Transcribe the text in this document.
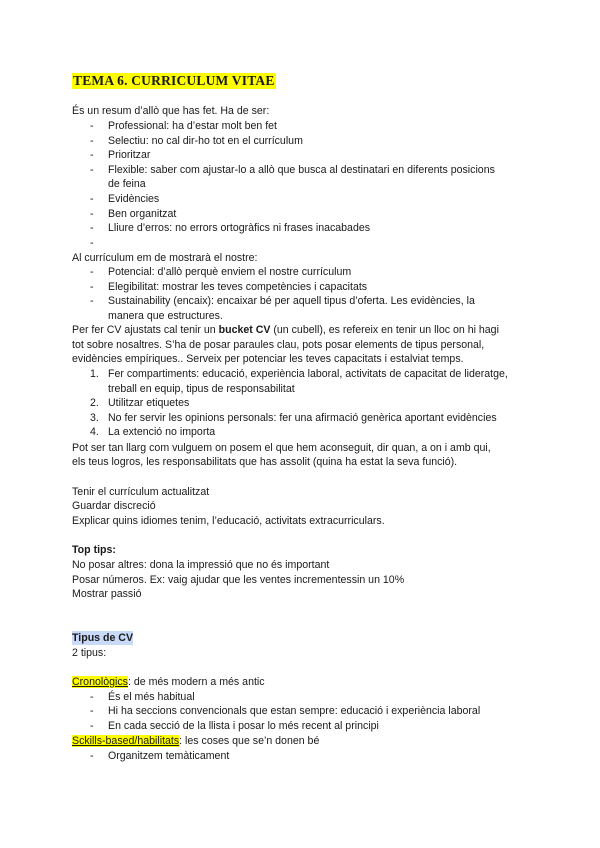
TEMA 6. CURRICULUM VITAE
És un resum d’allò que has fet. Ha de ser:
- Professional: ha d’estar molt ben fet
- Selectiu: no cal dir-ho tot en el currículum
- Prioritzar
- Flexible: saber com ajustar-lo a allò que busca al destinatari en diferents posicions
de feina
- Evidències
- Ben organitzat
- Lliure d’erros: no errors ortogràfics ni frases inacabades
-
Al currículum em de mostrarà el nostre:
- Potencial: d’allò perquè enviem el nostre currículum
- Elegibilitat: mostrar les teves competències i capacitats
- Sustainability (encaix): encaixar bé per aquell tipus d’oferta. Les evidències, la
manera que estructures.
Per fer CV ajustats cal tenir un bucket CV (un cubell), es refereix en tenir un lloc on hi hagi
tot sobre nosaltres. S’ha de posar paraules clau, pots posar elements de tipus personal,
evidències empíriques.. Serveix per potenciar les teves capacitats i estalviat temps.
1. Fer compartiments: educació, experiència laboral, activitats de capacitat de lideratge,
treball en equip, tipus de responsabilitat
2. Utilitzar etiquetes
3. No fer servir les opinions personals: fer una afirmació genèrica aportant evidències
4. La extenció no importa
Pot ser tan llarg com vulguem on posem el que hem aconseguit, dir quan, a on i amb qui,
els teus logros, les responsabilitats que has assolit (quina ha estat la seva funció).
Tenir el currículum actualitzat
Guardar discreció
Explicar quins idiomes tenim, l’educació, activitats extracurriculars.
Top tips:
No posar altres: dona la impressió que no és important
Posar números. Ex: vaig ajudar que les ventes incrementessin un 10%
Mostrar passió
Tipus de CV
2 tipus:
Cronològics: de més modern a més antic
- És el més habitual
- Hi ha seccions convencionals que estan sempre: educació i experiència laboral
- En cada secció de la llista i posar lo més recent al principi
Sckills-based/habilitats: les coses que se’n donen bé
- Organitzem temàticament
